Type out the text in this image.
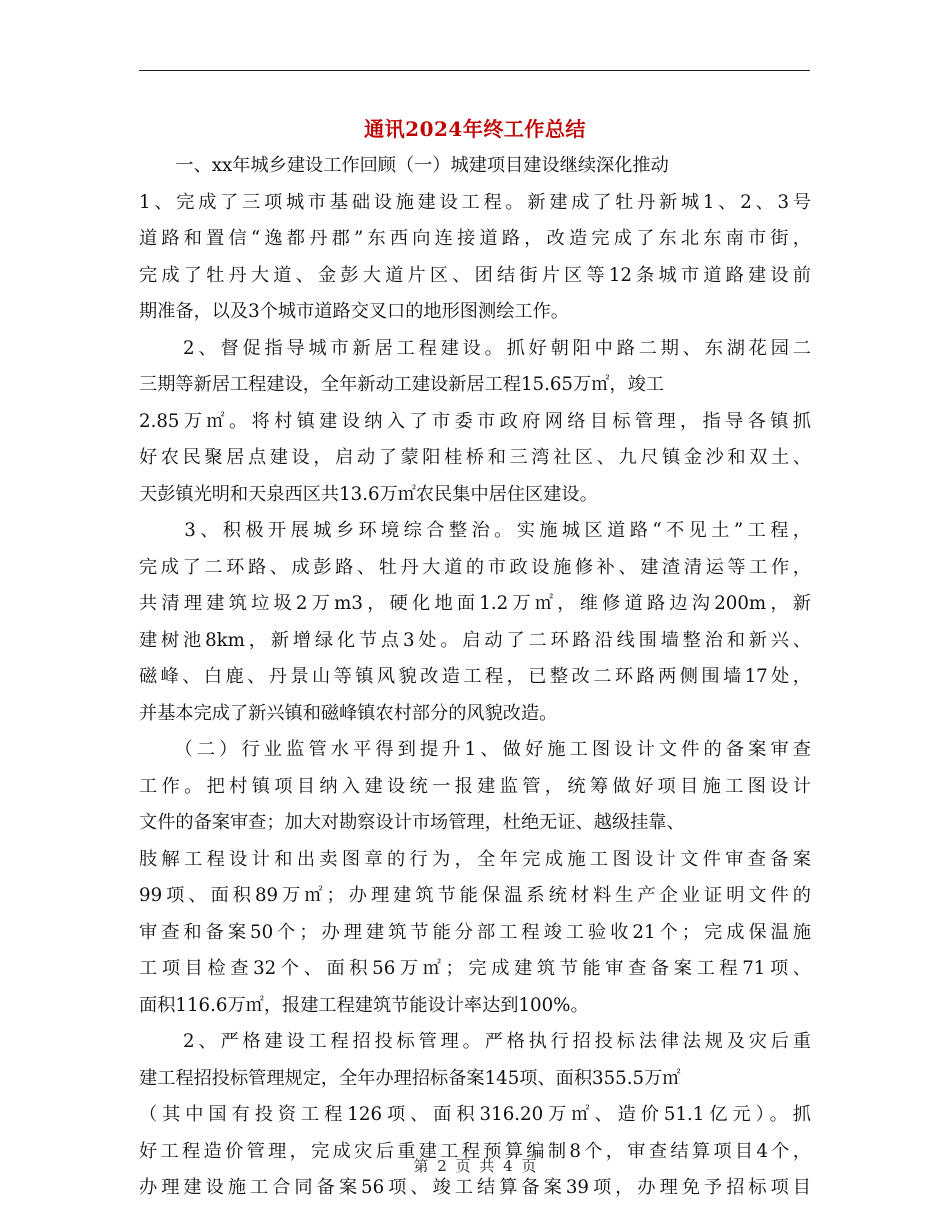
通讯2024年终工作总结
　　一、xx年城乡建设工作回顾（一）城建项目建设继续深化推动
1、完成了三项城市基础设施建设工程。新建成了牡丹新城1、2、3号
道路和置信“逸都丹郡”东西向连接道路，改造完成了东北东南市街，
完成了牡丹大道、金彭大道片区、团结街片区等12条城市道路建设前
期准备，以及3个城市道路交叉口的地形图测绘工作。
　　2、督促指导城市新居工程建设。抓好朝阳中路二期、东湖花园二
三期等新居工程建设，全年新动工建设新居工程15.65万㎡，竣工
2.85万㎡。将村镇建设纳入了市委市政府网络目标管理，指导各镇抓
好农民聚居点建设，启动了蒙阳桂桥和三湾社区、九尺镇金沙和双土、
天彭镇光明和天泉西区共13.6万㎡农民集中居住区建设。
　　3、积极开展城乡环境综合整治。实施城区道路“不见土”工程，
完成了二环路、成彭路、牡丹大道的市政设施修补、建渣清运等工作，
共清理建筑垃圾2万m3，硬化地面1.2万㎡，维修道路边沟200m，新
建树池8km，新增绿化节点3处。启动了二环路沿线围墙整治和新兴、
磁峰、白鹿、丹景山等镇风貌改造工程，已整改二环路两侧围墙17处，
并基本完成了新兴镇和磁峰镇农村部分的风貌改造。
　　（二）行业监管水平得到提升1、做好施工图设计文件的备案审查
工作。把村镇项目纳入建设统一报建监管，统筹做好项目施工图设计
文件的备案审查；加大对勘察设计市场管理，杜绝无证、越级挂靠、
肢解工程设计和出卖图章的行为，全年完成施工图设计文件审查备案
99项、面积89万㎡；办理建筑节能保温系统材料生产企业证明文件的
审查和备案50个；办理建筑节能分部工程竣工验收21个；完成保温施
工项目检查32个、面积56万㎡；完成建筑节能审查备案工程71项、
面积116.6万㎡，报建工程建筑节能设计率达到100%。
　　2、严格建设工程招投标管理。严格执行招投标法律法规及灾后重
建工程招投标管理规定，全年办理招标备案145项、面积355.5万㎡
（其中国有投资工程126项、面积316.20万㎡、造价51.1亿元）。抓
好工程造价管理，完成灾后重建工程预算编制8个，审查结算项目4个，
办理建设施工合同备案56项、竣工结算备案39项，办理免予招标项目
第 2 页 共 4 页
